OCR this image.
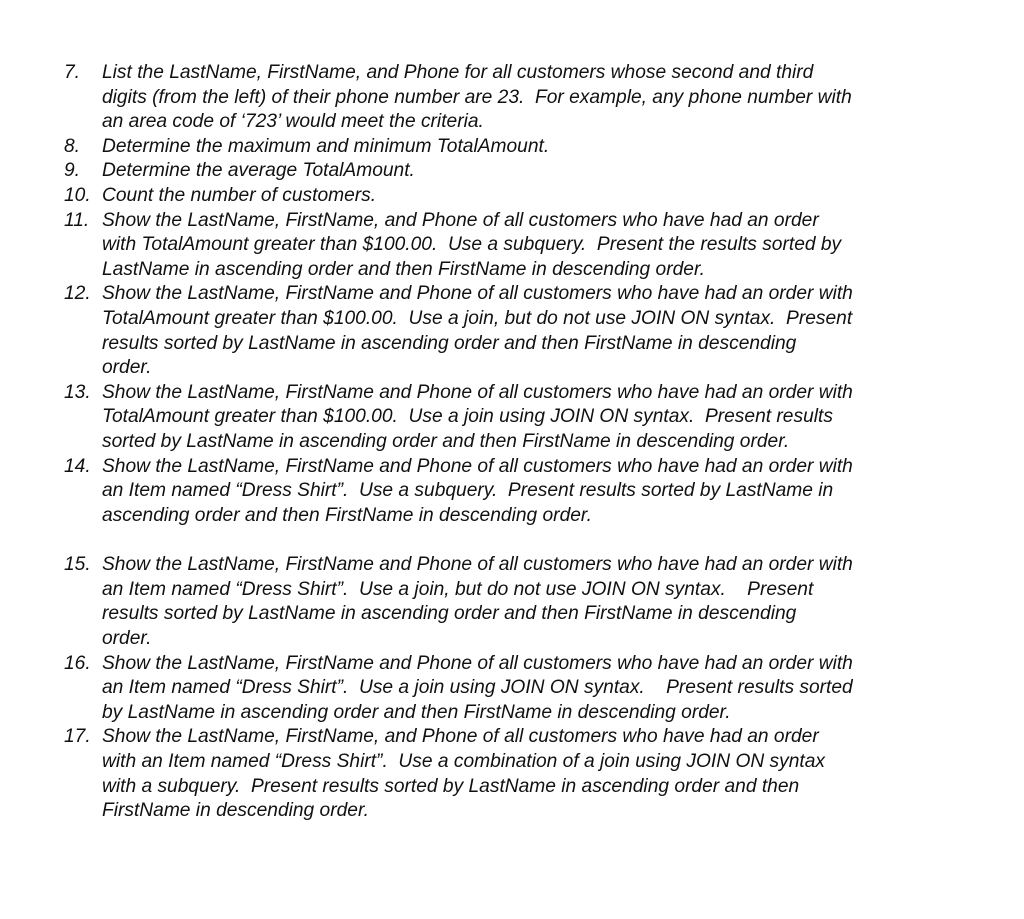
7.	List the LastName, FirstName, and Phone for all customers whose second and third
digits (from the left) of their phone number are 23.  For example, any phone number with
an area code of ‘723’ would meet the criteria.
8.	Determine the maximum and minimum TotalAmount.
9.	Determine the average TotalAmount.
10. Count the number of customers.
11. Show the LastName, FirstName, and Phone of all customers who have had an order
with TotalAmount greater than $100.00.  Use a subquery.  Present the results sorted by
LastName in ascending order and then FirstName in descending order.
12. Show the LastName, FirstName and Phone of all customers who have had an order with
TotalAmount greater than $100.00.  Use a join, but do not use JOIN ON syntax.  Present
results sorted by LastName in ascending order and then FirstName in descending
order.
13. Show the LastName, FirstName and Phone of all customers who have had an order with
TotalAmount greater than $100.00.  Use a join using JOIN ON syntax.  Present results
sorted by LastName in ascending order and then FirstName in descending order.
14. Show the LastName, FirstName and Phone of all customers who have had an order with
an Item named “Dress Shirt”.  Use a subquery.  Present results sorted by LastName in
ascending order and then FirstName in descending order.
15. Show the LastName, FirstName and Phone of all customers who have had an order with
an Item named “Dress Shirt”.  Use a join, but do not use JOIN ON syntax.    Present
results sorted by LastName in ascending order and then FirstName in descending
order.
16. Show the LastName, FirstName and Phone of all customers who have had an order with
an Item named “Dress Shirt”.  Use a join using JOIN ON syntax.    Present results sorted
by LastName in ascending order and then FirstName in descending order.
17. Show the LastName, FirstName, and Phone of all customers who have had an order
with an Item named “Dress Shirt”.  Use a combination of a join using JOIN ON syntax
with a subquery.  Present results sorted by LastName in ascending order and then
FirstName in descending order.
